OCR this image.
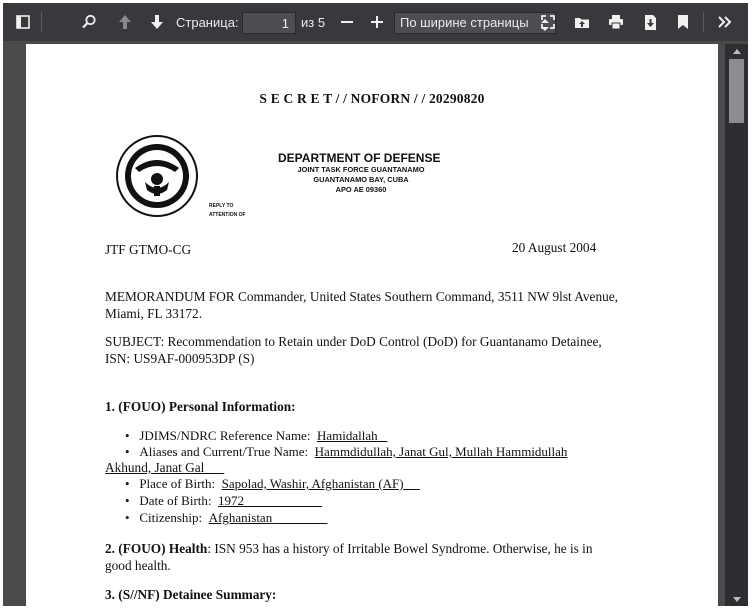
Страница:
1	из 5	По ширине страницы
S E C R E T / / NOFORN / / 20290820
DEPARTMENT OF DEFENSE
JOINT TASK FORCE GUANTANAMO
GUANTANAMO BAY, CUBA
APO AE 09360
REPLY TO
ATTENTION OF
JTF GTMO-CG	20 August 2004
MEMORANDUM FOR Commander, United States Southern Command, 3511 NW 9lst Avenue,
Miami, FL 33172.
SUBJECT: Recommendation to Retain under DoD Control (DoD) for Guantanamo Detainee,
ISN: US9AF-000953DP (S)
1. (FOUO) Personal Information:
•   JDIMS/NDRC Reference Name: Hamidallah
•   Aliases and Current/True Name: Hammdidullah, Janat Gul, Mullah Hammidullah
Akhund, Janat Gal
•   Place of Birth: Sapolad, Washir, Afghanistan (AF)
•   Date of Birth: 1972
•   Citizenship: Afghanistan
2. (FOUO) Health: ISN 953 has a history of Irritable Bowel Syndrome. Otherwise, he is in
good health.
3. (S//NF) Detainee Summary:
